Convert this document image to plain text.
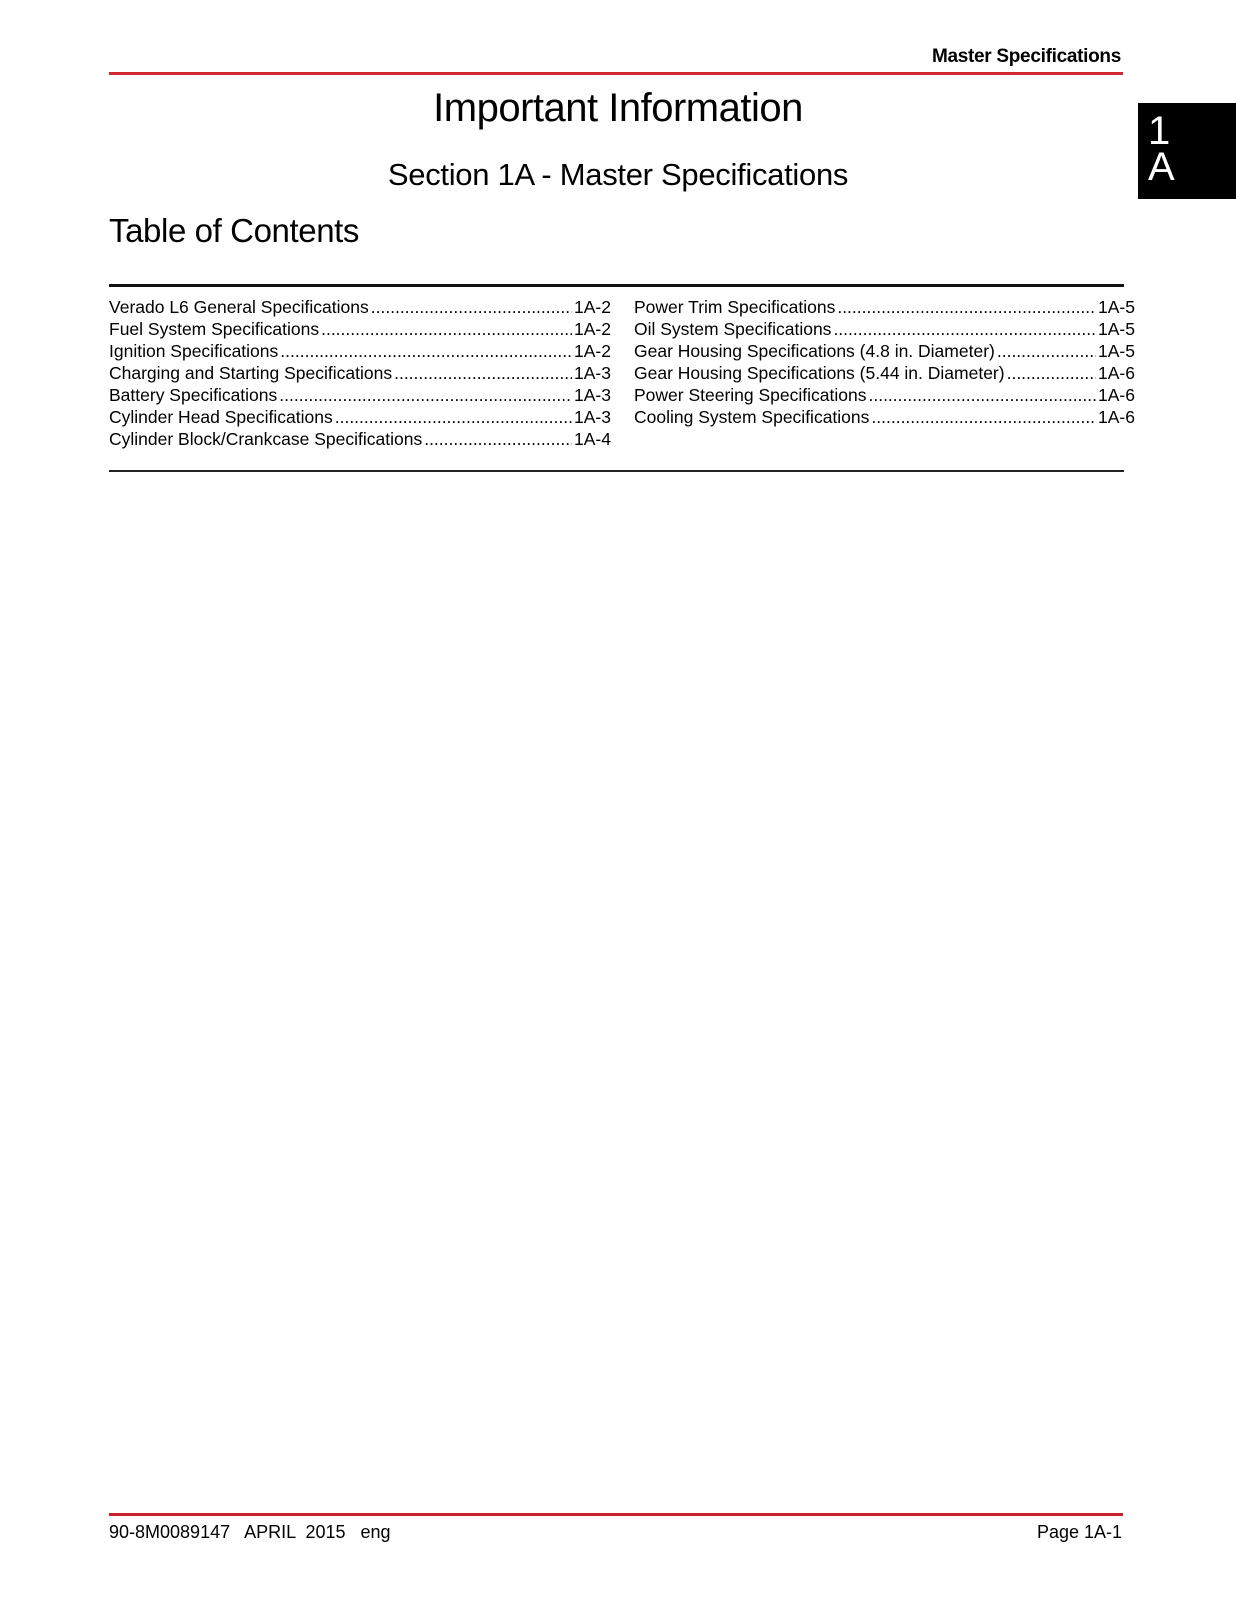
Master Specifications
1
A
Important Information
Section 1A - Master Specifications
Table of Contents
Verado L6 General Specifications .....	1A-2
Fuel System Specifications .....	1A-2
Ignition Specifications .....	1A-2
Charging and Starting Specifications .....	1A-3
Battery Specifications .....	1A-3
Cylinder Head Specifications .....	1A-3
Cylinder Block/Crankcase Specifications .....	1A-4
Power Trim Specifications .....	1A-5
Oil System Specifications .....	1A-5
Gear Housing Specifications (4.8 in. Diameter) .....	1A-5
Gear Housing Specifications (5.44 in. Diameter) .....	1A-6
Power Steering Specifications .....	1A-6
Cooling System Specifications .....	1A-6
90-8M0089147   APRIL  2015   eng	Page 1A-1
